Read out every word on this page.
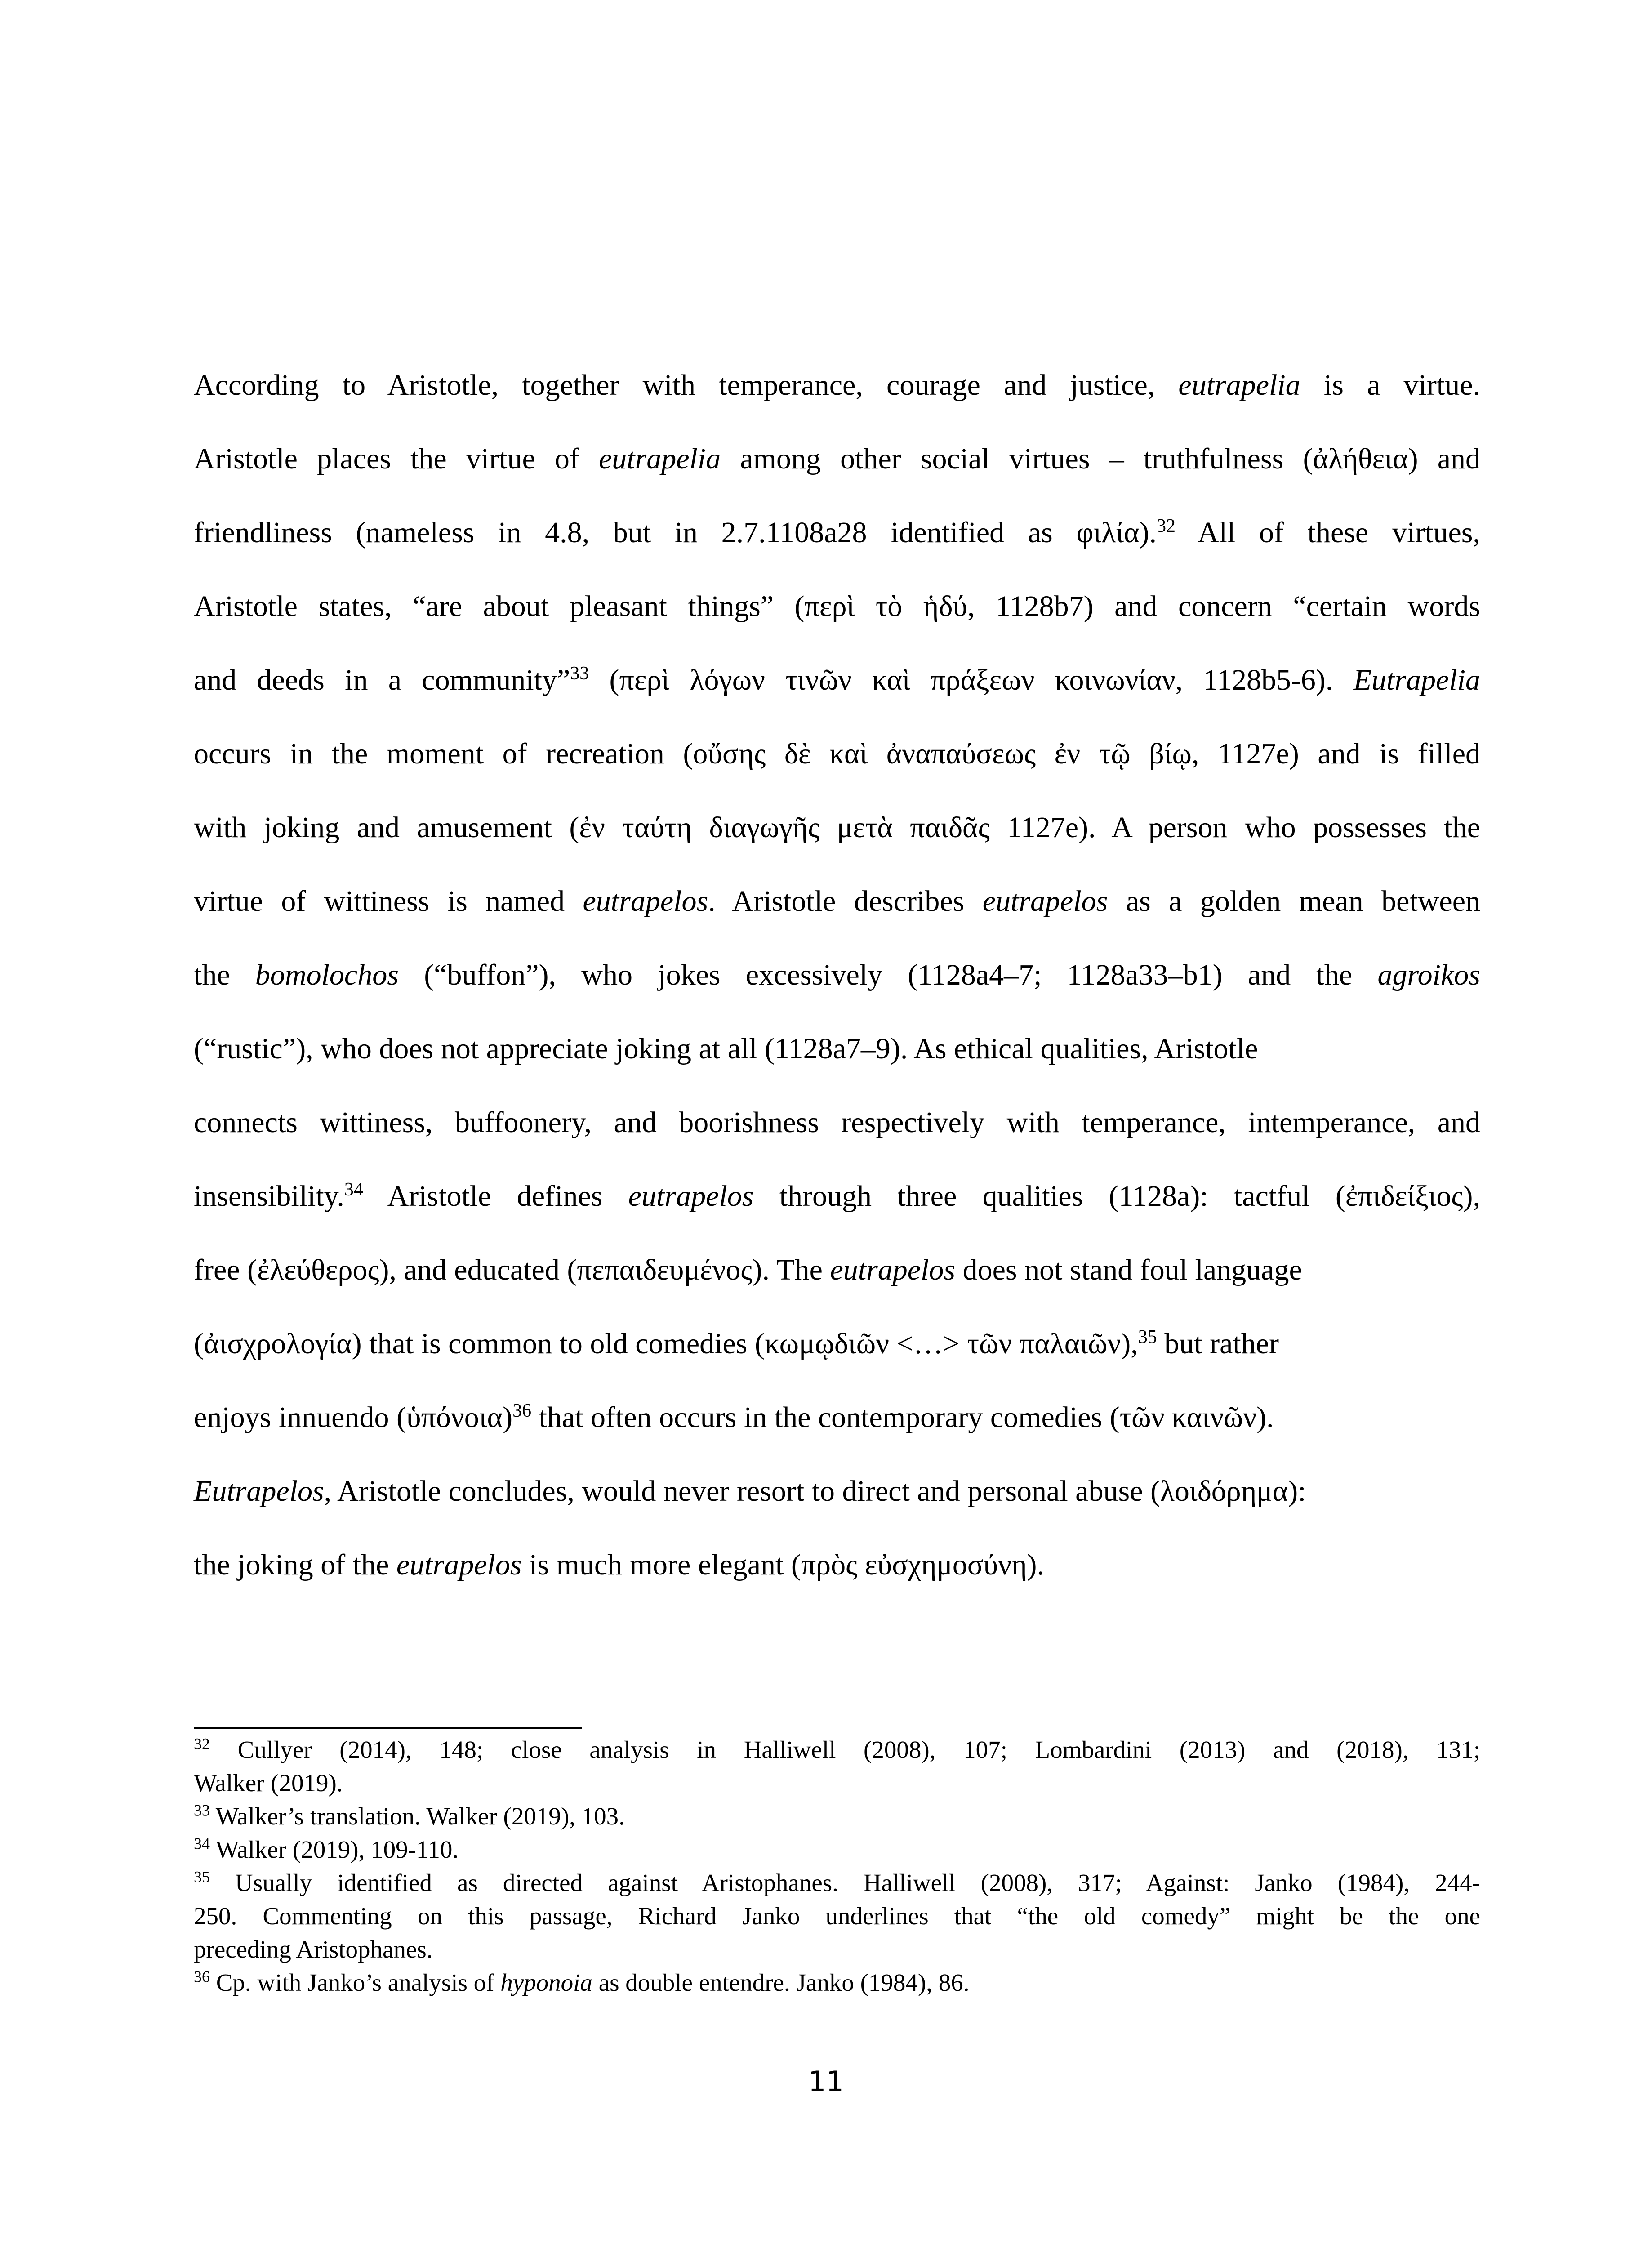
According to Aristotle, together with temperance, courage and justice, eutrapelia is a virtue.
Aristotle places the virtue of eutrapelia among other social virtues – truthfulness (ἀλήθεια) and
friendliness (nameless in 4.8, but in 2.7.1108a28 identified as φιλία).$^{32}$ All of these virtues,
Aristotle states, “are about pleasant things” (περὶ τὸ ἡδύ, 1128b7) and concern “certain words
and deeds in a community”$^{33}$ (περὶ λόγων τινῶν καὶ πράξεων κοινωνίαν, 1128b5-6). Eutrapelia
occurs in the moment of recreation (οὔσης δὲ καὶ ἀναπαύσεως ἐν τῷ βίῳ, 1127e) and is filled
with joking and amusement (ἐν ταύτη διαγωγῆς μετὰ παιδᾶς 1127e). A person who possesses the
virtue of wittiness is named eutrapelos. Aristotle describes eutrapelos as a golden mean between
the bomolochos (“buffon”), who jokes excessively (1128a4–7; 1128a33–b1) and the agroikos
(“rustic”), who does not appreciate joking at all (1128a7–9). As ethical qualities, Aristotle
connects wittiness, buffoonery, and boorishness respectively with temperance, intemperance, and
insensibility.$^{34}$ Aristotle defines eutrapelos through three qualities (1128a): tactful (ἐπιδείξιος),
free (ἐλεύθερος), and educated (πεπαιδευμένος). The eutrapelos does not stand foul language
(ἀισχρολογία) that is common to old comedies (κωμῳδιῶν <…> τῶν παλαιῶν),$^{35}$ but rather
enjoys innuendo (ὑπόνοια)$^{36}$ that often occurs in the contemporary comedies (τῶν καινῶν).
Eutrapelos, Aristotle concludes, would never resort to direct and personal abuse (λοιδόρημα):
the joking of the eutrapelos is much more elegant (πρὸς εὐσχημοσύνη).
$^{32}$ Cullyer (2014), 148; close analysis in Halliwell (2008), 107; Lombardini (2013) and (2018), 131;
Walker (2019).
$^{33}$ Walker’s translation. Walker (2019), 103.
$^{34}$ Walker (2019), 109-110.
$^{35}$ Usually identified as directed against Aristophanes. Halliwell (2008), 317; Against: Janko (1984), 244-
250. Commenting on this passage, Richard Janko underlines that “the old comedy” might be the one
preceding Aristophanes.
$^{36}$ Cp. with Janko’s analysis of hyponoia as double entendre. Janko (1984), 86.
11
